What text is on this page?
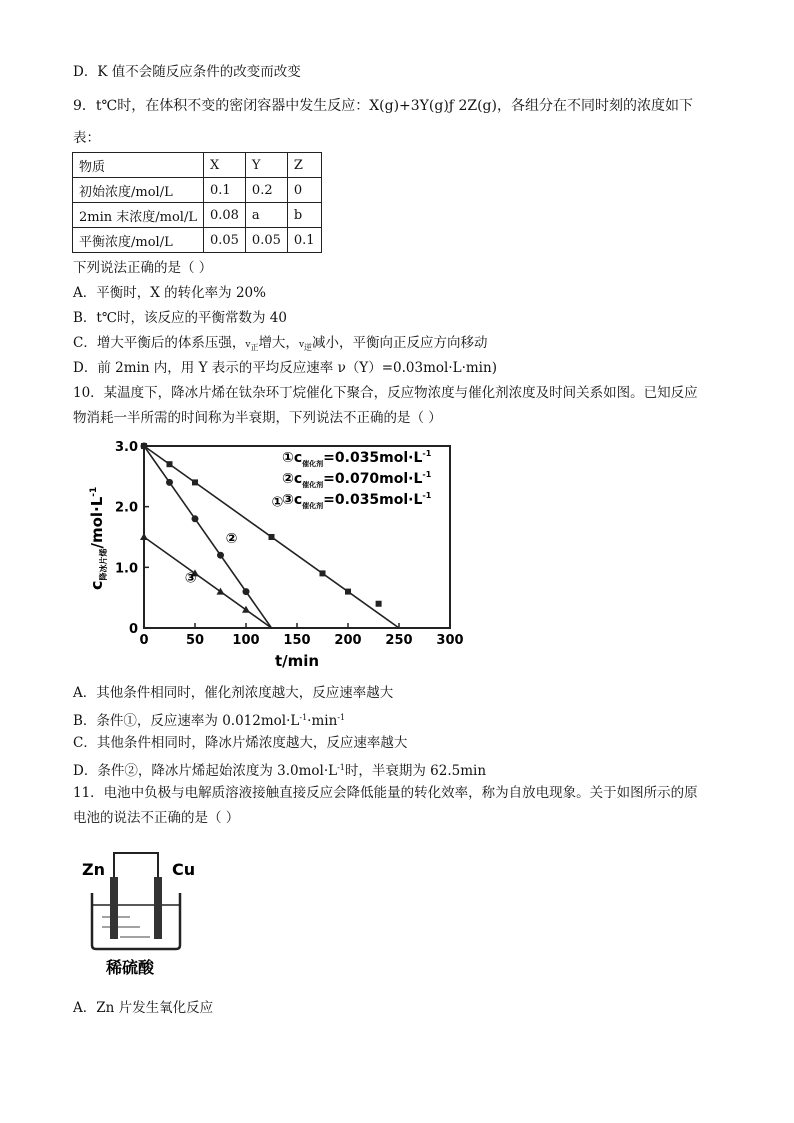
D．K 值不会随反应条件的改变而改变
9．t℃时，在体积不变的密闭容器中发生反应：X(g)+3Y(g)ƒ 2Z(g)，各组分在不同时刻的浓度如下
表：
物质	X	Y	Z
初始浓度/mol/L	0.1	0.2	0
2min 末浓度/mol/L	0.08	a	b
平衡浓度/mol/L	0.05	0.05	0.1
下列说法正确的是（ ）
A．平衡时，X 的转化率为 20%
B．t℃时，该反应的平衡常数为 40
C．增大平衡后的体系压强，$v_正$增大，$v_逆$减小，平衡向正反应方向移动
D．前 2min 内，用 Y 表示的平均反应速率 ν（Y）=0.03mol·L·min)
10．某温度下，降冰片烯在钛杂环丁烷催化下聚合，反应物浓度与催化剂浓度及时间关系如图。已知反应
物消耗一半所需的时间称为半衰期，下列说法不正确的是（ ）
0	50 100 150 200 250 300
0
1.0
2.0
3.0
①
②
③
$①c_{催化剂}=0.035mol\cdot L^{-1}$
$②c_{催化剂}=0.070mol\cdot L^{-1}$
$③c_{催化剂}=0.035mol\cdot L^{-1}$
t/min
$c_{降冰片烯}/mol\cdot L^{-1}$
A．其他条件相同时，催化剂浓度越大，反应速率越大
B．条件①，反应速率为 $0.012mol\cdot L^{-1}\cdot\min^{-1}$
C．其他条件相同时，降冰片烯浓度越大，反应速率越大
D．条件②，降冰片烯起始浓度为 $3.0mol\cdot L^{-1}$时，半衰期为 62.5min
11．电池中负极与电解质溶液接触直接反应会降低能量的转化效率，称为自放电现象。关于如图所示的原
电池的说法不正确的是（ ）
Zn	Cu
稀硫酸
A．Zn 片发生氧化反应
